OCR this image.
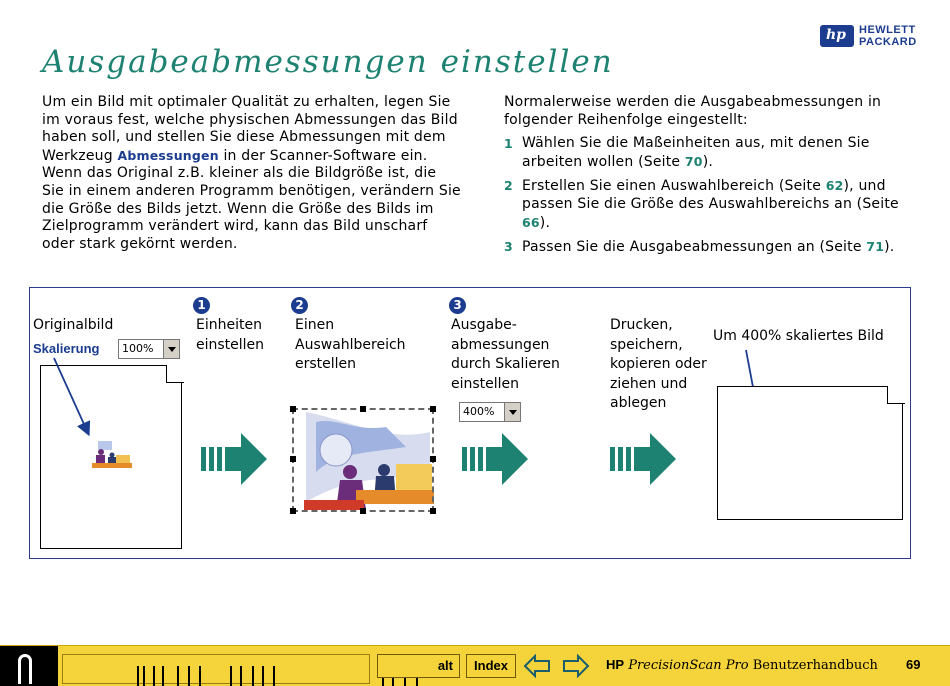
hp HEWLETT
PACKARD
Ausgabeabmessungen einstellen
Um ein Bild mit optimaler Qualität zu erhalten, legen Sie im voraus fest, welche physischen Abmessungen das Bild haben soll, und stellen Sie diese Abmessungen mit dem Werkzeug Abmessungen in der Scanner-Software ein. Wenn das Original z.B. kleiner als die Bildgröße ist, die Sie in einem anderen Programm benötigen, verändern Sie die Größe des Bilds jetzt. Wenn die Größe des Bilds im Zielprogramm verändert wird, kann das Bild unscharf oder stark gekörnt werden.

Normalerweise werden die Ausgabeabmessungen in folgender Reihenfolge eingestellt:

1 Wählen Sie die Maßeinheiten aus, mit denen Sie arbeiten wollen (Seite 70).
2 Erstellen Sie einen Auswahlbereich (Seite 62), und passen Sie die Größe des Auswahlbereichs an (Seite 66).
3 Passen Sie die Ausgabeabmessungen an (Seite 71).
Originalbild
Skalierung 100%
1	2	3
Einheiten
einstellen
Einen
Auswahlbereich
erstellen
Ausgabe-
abmessungen
durch Skalieren
einstellen
Drucken,
speichern,
kopieren oder
ziehen und
ablegen
Um 400% skaliertes Bild
400%
alt	Index	HP PrecisionScan Pro Benutzerhandbuch 69
